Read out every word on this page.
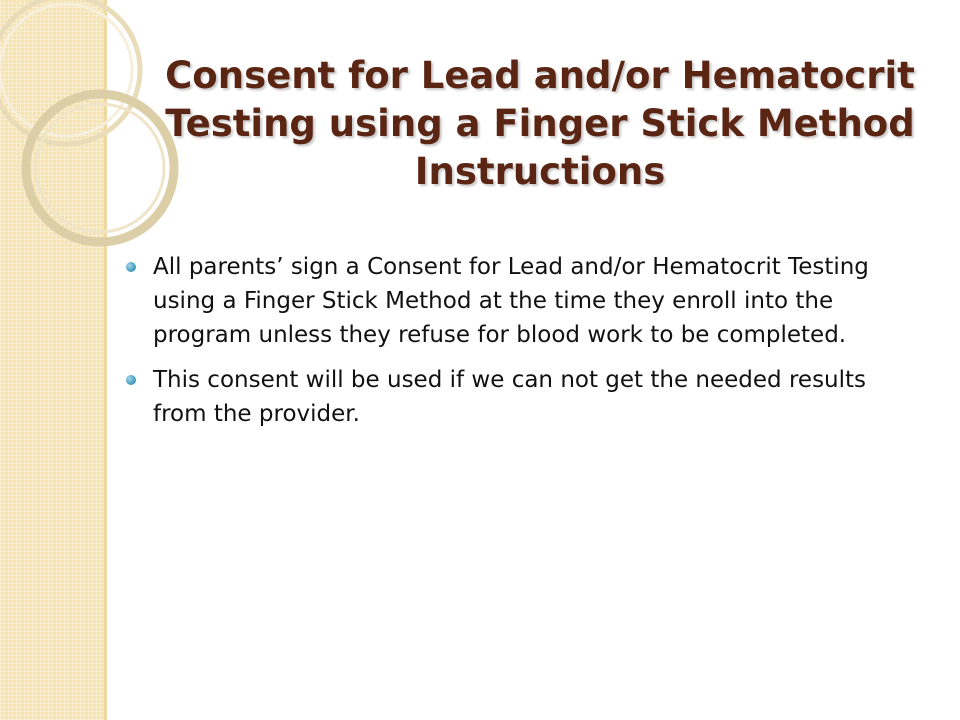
Consent for Lead and/or Hematocrit
Testing using a Finger Stick Method
Instructions
All parents’ sign a Consent for Lead and/or Hematocrit Testing using a Finger Stick Method at the time they enroll into the program unless they refuse for blood work to be completed.
This consent will be used if we can not get the needed results from the provider.
